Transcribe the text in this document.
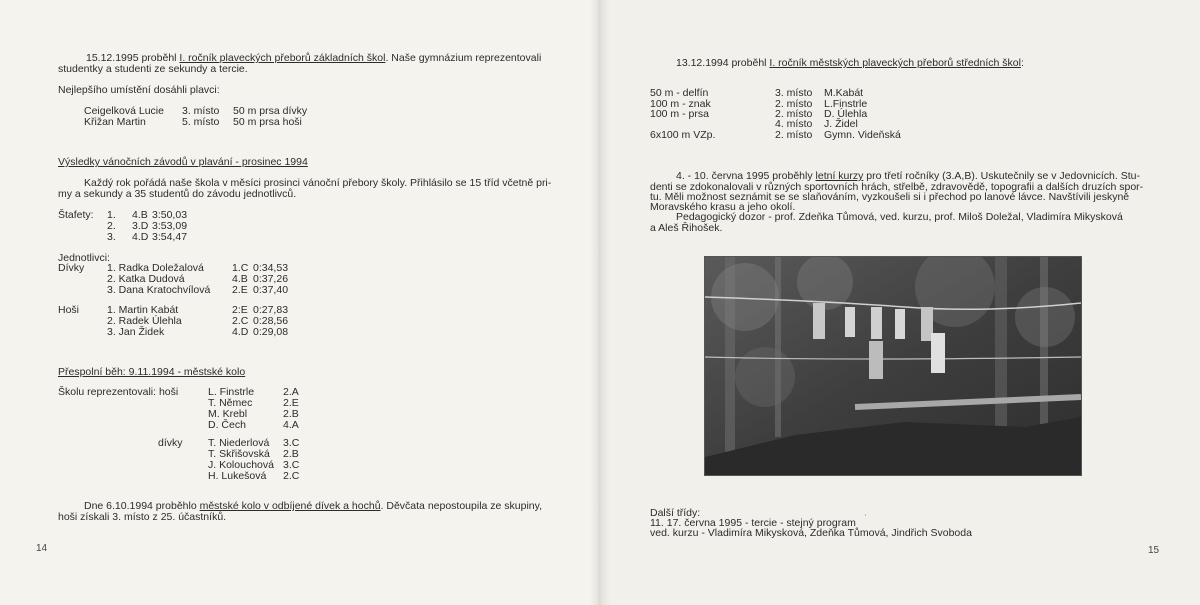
15.12.1995 proběhl I. ročník plaveckých přeborů základních škol. Naše gymnázium reprezentovali
studentky a studenti ze sekundy a tercie.
Nejlepšího umístění dosáhli plavci:
Ceigelková Lucie 3. místo 50 m prsa dívky
Křižan Martin	5. místo 50 m prsa hoši
Výsledky vánočních závodů v plavání - prosinec 1994
Každý rok pořádá naše škola v měsíci prosinci vánoční přebory školy. Přihlásilo se 15 tříd včetně pri-
my a sekundy a 35 studentů do závodu jednotlivců.
Štafety: 1. 4.B 3:50,03
2. 3.D 3:53,09
3. 4.D 3:54,47
Jednotlivci:
Dívky 1. Radka Doležalová	1.C 0:34,53
2. Katka Dudová	4.B 0:37,26
3. Dana Kratochvílová 2.E 0:37,40
Hoši	1. Martin Kabát	2:E 0:27,83
2. Radek Úlehla	2.C 0:28,56
3. Jan Židek	4.D 0:29,08
Přespolní běh: 9.11.1994 - městské kolo
Školu reprezentovali: hoši	L. Finstrle	2.A
T. Němec	2.E
M. Krebl	2.B
D. Čech	4.A
dívky T. Niederlová 3.C
T. Skřišovská 2.B
J. Kolouchová 3.C
H. Lukešová 2.C
Dne 6.10.1994 proběhlo městské kolo v odbíjené dívek a hochů. Děvčata nepostoupila ze skupiny,
hoši získali 3. místo z 25. účastníků.
14
13.12.1994 proběhl I. ročník městských plaveckých přeborů středních škol:
50 m - delfín	3. místo M.Kabát
100 m - znak	2. místo L.Finstrle
100 m - prsa	2. místo D. Úlehla
4. místo J. Židel
6x100 m VZp.	2. místo Gymn. Videňská
4. - 10. června 1995 proběhly letní kurzy pro třetí ročníky (3.A,B). Uskutečnily se v Jedovnicích. Stu-
denti se zdokonalovali v různých sportovních hrách, střelbě, zdravovědě, topografii a dalších druzích spor-
tu. Měli možnost seznámit se se slaňováním, vyzkoušeli si i přechod po lanové lávce. Navštívili jeskyně
Moravského krasu a jeho okolí.
Pedagogický dozor - prof. Zdeňka Tůmová, ved. kurzu, prof. Miloš Doležal, Vladimíra Mikysková
a Aleš Řihošek.
ˈ
Další třídy:
11. 17. června 1995 - tercie - stejný program
ved. kurzu - Vladimíra Mikysková, Zdeňka Tůmová, Jindřich Svoboda
15
